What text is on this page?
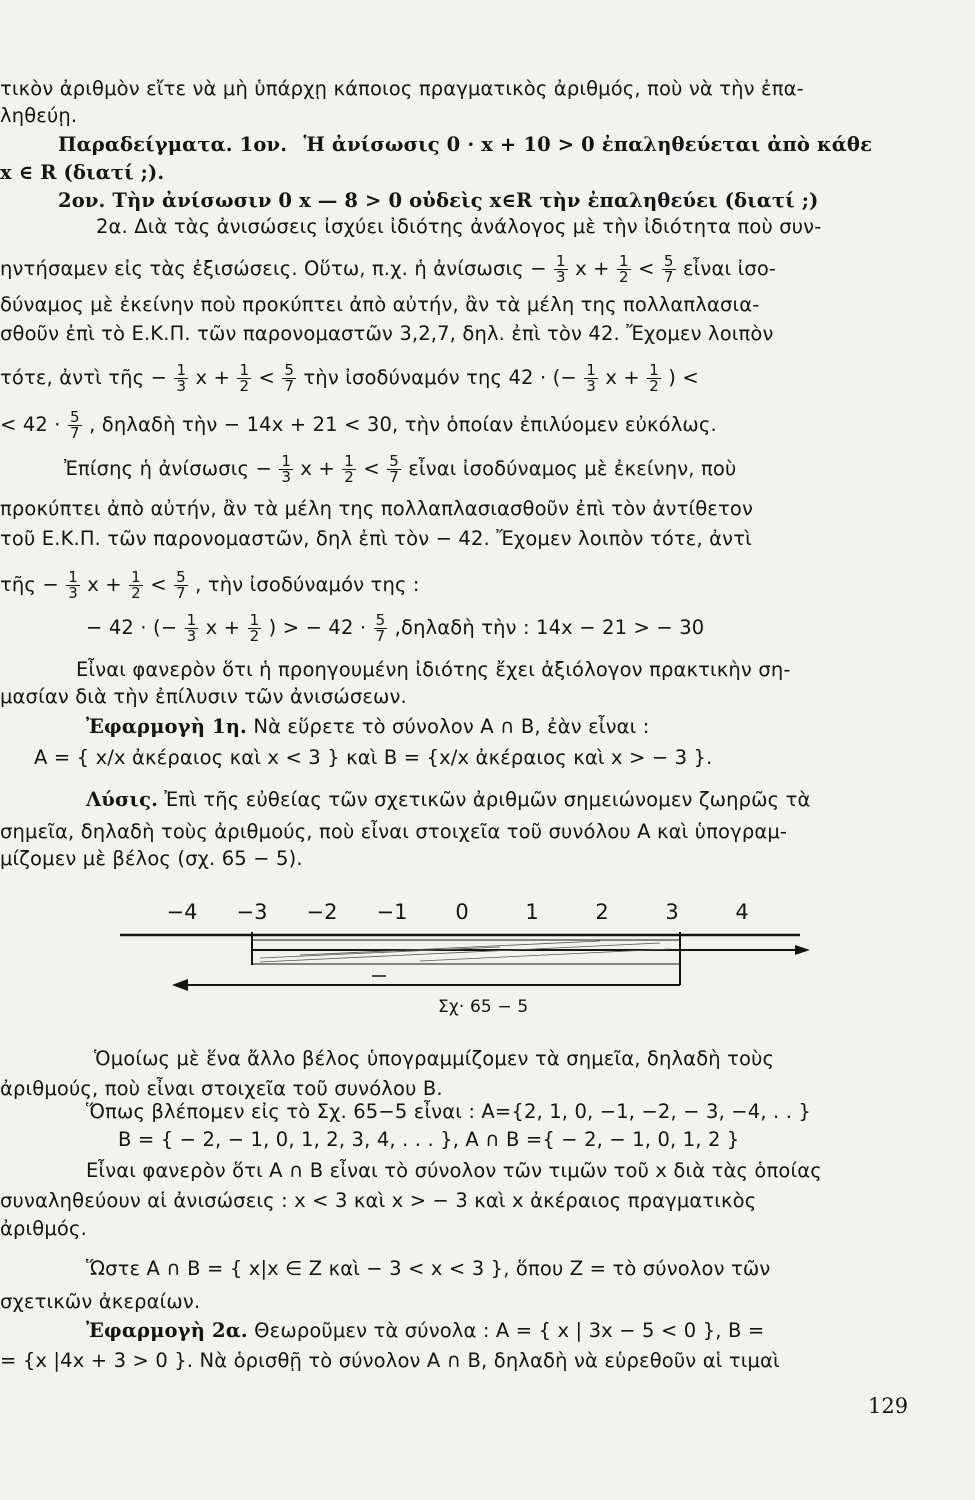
τικὸν ἀριθμὸν εἴτε νὰ μὴ ὑπάρχῃ κάποιος πραγματικὸς ἀριθμός, ποὺ νὰ τὴν ἐπα-
ληθεύῃ.
Παραδείγματα. 1ον. Ἡ ἀνίσωσις 0 · x + 10 > 0 ἐπαληθεύεται ἀπὸ κάθε
x ∈ R (διατί ;).
2ον. Τὴν ἀνίσωσιν 0 x — 8 > 0 οὐδεὶς x∈R τὴν ἐπαληθεύει (διατί ;)
2α. Διὰ τὰς ἀνισώσεις ἰσχύει ἰδιότης ἀνάλογος μὲ τὴν ἰδιότητα ποὺ συν-
ηντήσαμεν εἰς τὰς ἐξισώσεις. Οὕτω, π.χ. ἡ ἀνίσωσις − $\frac{1}{3}$ $x + \frac{1}{2} < \frac{5}{7}$ εἶναι ἰσο-
δύναμος μὲ ἐκείνην ποὺ προκύπτει ἀπὸ αὐτήν, ἂν τὰ μέλη της πολλαπλασια-
σθοῦν ἐπὶ τὸ Ε.Κ.Π. τῶν παρονομαστῶν 3,2,7, δηλ. ἐπὶ τὸν 42. Ἔχομεν λοιπὸν
τότε, ἀντὶ τῆς − $\frac{1}{3}$ $x + \frac{1}{2} < \frac{5}{7}$ τὴν ἰσοδύναμόν της 42 · (− $\frac{1}{3}$ $x + \frac{1}{2}$ ) <
< $42 \cdot \frac{5}{7}$ , δηλαδὴ τὴν − 14x + 21 < 30, τὴν ὁποίαν ἐπιλύομεν εὐκόλως.
Ἐπίσης ἡ ἀνίσωσις − $\frac{1}{3}$ $x + \frac{1}{2} < \frac{5}{7}$ εἶναι ἰσοδύναμος μὲ ἐκείνην, ποὺ
προκύπτει ἀπὸ αὐτήν, ἂν τὰ μέλη της πολλαπλασιασθοῦν ἐπὶ τὸν ἀντίθετον
τοῦ Ε.Κ.Π. τῶν παρονομαστῶν, δηλ ἐπὶ τὸν − 42. Ἔχομεν λοιπὸν τότε, ἀντὶ
τῆς − $\frac{1}{3}$ $x + \frac{1}{2} < \frac{5}{7}$ , τὴν ἰσοδύναμόν της :
− 42 · (− $\frac{1}{3}$ $x + \frac{1}{2}$ ) > − $42 \cdot \frac{5}{7}$ ,δηλαδὴ τὴν : 14x − 21 > − 30
Εἶναι φανερὸν ὅτι ἡ προηγουμένη ἰδιότης ἔχει ἀξιόλογον πρακτικὴν ση-
μασίαν διὰ τὴν ἐπίλυσιν τῶν ἀνισώσεων.
Ἐφαρμογὴ 1η. Νὰ εὕρετε τὸ σύνολον A ∩ B, ἐὰν εἶναι :
A = { x/x ἀκέραιος καὶ x < 3 } καὶ B = {x/x ἀκέραιος καὶ x > − 3 }.
Λύσις. Ἐπὶ τῆς εὐθείας τῶν σχετικῶν ἀριθμῶν σημειώνομεν ζωηρῶς τὰ
σημεῖα, δηλαδὴ τοὺς ἀριθμούς, ποὺ εἶναι στοιχεῖα τοῦ συνόλου A καὶ ὑπογραμ-
μίζομεν μὲ βέλος (σχ. 65 − 5).
−4 −3 −2 −1 0	1	2	3	4
Σχ· 65 − 5
Ὁμοίως μὲ ἕνα ἄλλο βέλος ὑπογραμμίζομεν τὰ σημεῖα, δηλαδὴ τοὺς
ἀριθμούς, ποὺ εἶναι στοιχεῖα τοῦ συνόλου B.
Ὅπως βλέπομεν εἰς τὸ Σχ. 65−5 εἶναι : A={2, 1, 0, −1, −2, − 3, −4, . . }
B = { − 2, − 1, 0, 1, 2, 3, 4, . . . }, A ∩ B ={ − 2, − 1, 0, 1, 2 }
Εἶναι φανερὸν ὅτι A ∩ B εἶναι τὸ σύνολον τῶν τιμῶν τοῦ x διὰ τὰς ὁποίας
συναληθεύουν αἱ ἀνισώσεις : x < 3 καὶ x > − 3 καὶ x ἀκέραιος πραγματικὸς
ἀριθμός.
Ὥστε A ∩ B = { x|x ∈ Z καὶ − 3 < x < 3 }, ὅπου Z = τὸ σύνολον τῶν
σχετικῶν ἀκεραίων.
Ἐφαρμογὴ 2α. Θεωροῦμεν τὰ σύνολα : A = { x | 3x − 5 < 0 }, B =
= {x |4x + 3 > 0 }. Νὰ ὁρισθῇ τὸ σύνολον A ∩ B, δηλαδὴ νὰ εὑρεθοῦν αἱ τιμαὶ
129
